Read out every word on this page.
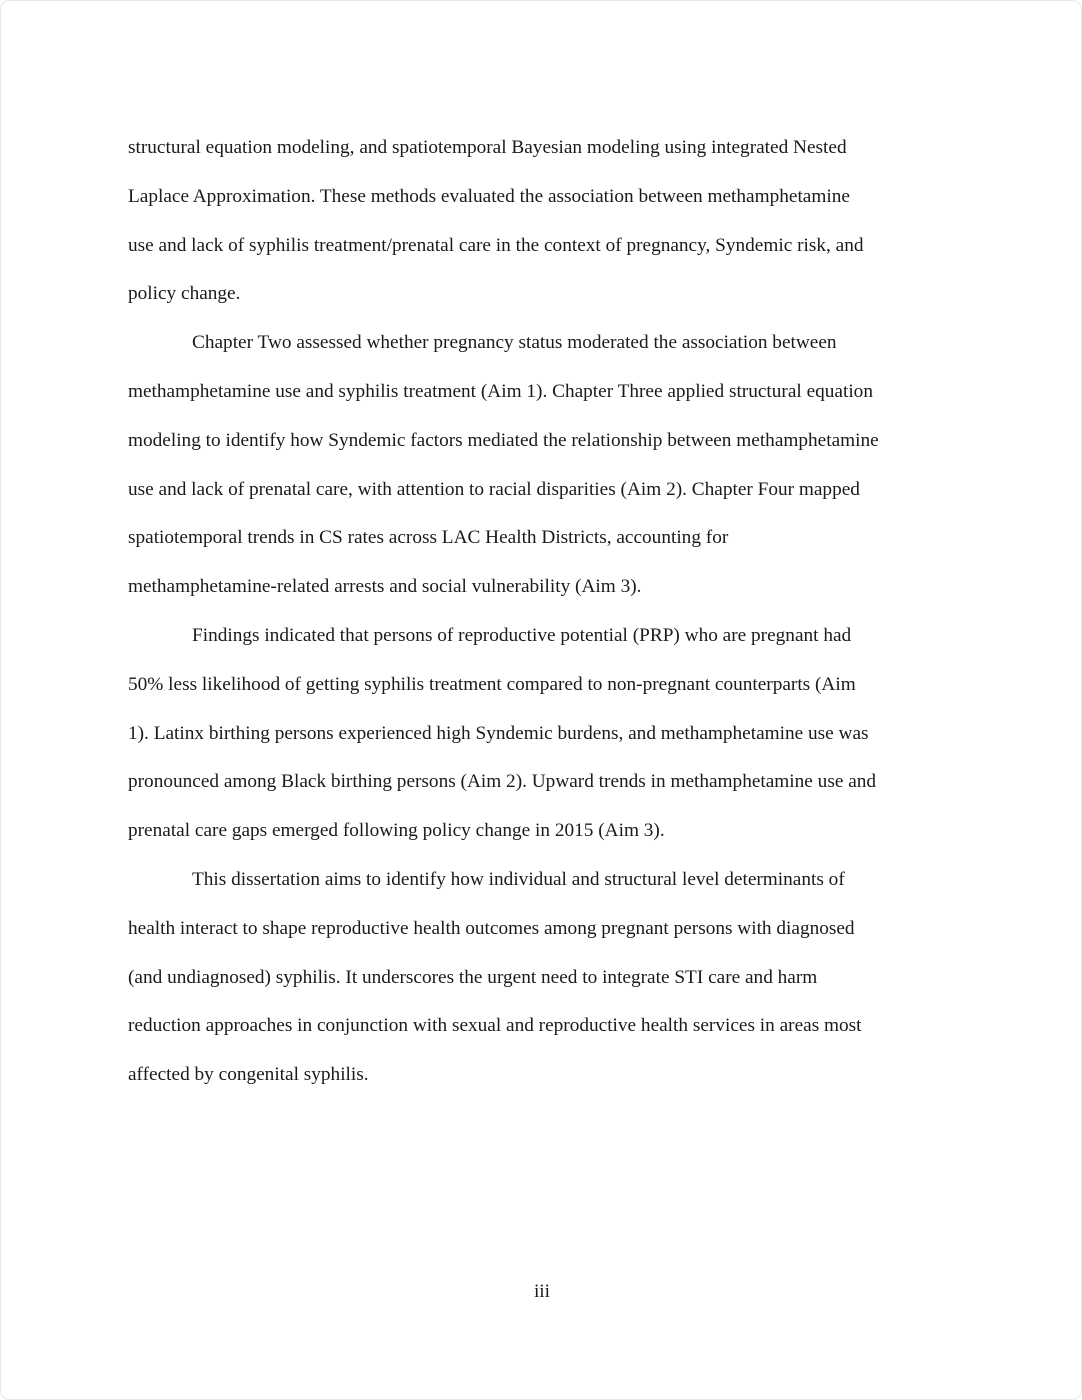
structural equation modeling, and spatiotemporal Bayesian modeling using integrated Nested
Laplace Approximation. These methods evaluated the association between methamphetamine
use and lack of syphilis treatment/prenatal care in the context of pregnancy, Syndemic risk, and
policy change.
Chapter Two assessed whether pregnancy status moderated the association between
methamphetamine use and syphilis treatment (Aim 1). Chapter Three applied structural equation
modeling to identify how Syndemic factors mediated the relationship between methamphetamine
use and lack of prenatal care, with attention to racial disparities (Aim 2). Chapter Four mapped
spatiotemporal trends in CS rates across LAC Health Districts, accounting for
methamphetamine-related arrests and social vulnerability (Aim 3).
Findings indicated that persons of reproductive potential (PRP) who are pregnant had
50% less likelihood of getting syphilis treatment compared to non-pregnant counterparts (Aim
1). Latinx birthing persons experienced high Syndemic burdens, and methamphetamine use was
pronounced among Black birthing persons (Aim 2). Upward trends in methamphetamine use and
prenatal care gaps emerged following policy change in 2015 (Aim 3).
This dissertation aims to identify how individual and structural level determinants of
health interact to shape reproductive health outcomes among pregnant persons with diagnosed
(and undiagnosed) syphilis. It underscores the urgent need to integrate STI care and harm
reduction approaches in conjunction with sexual and reproductive health services in areas most
affected by congenital syphilis.
iii
